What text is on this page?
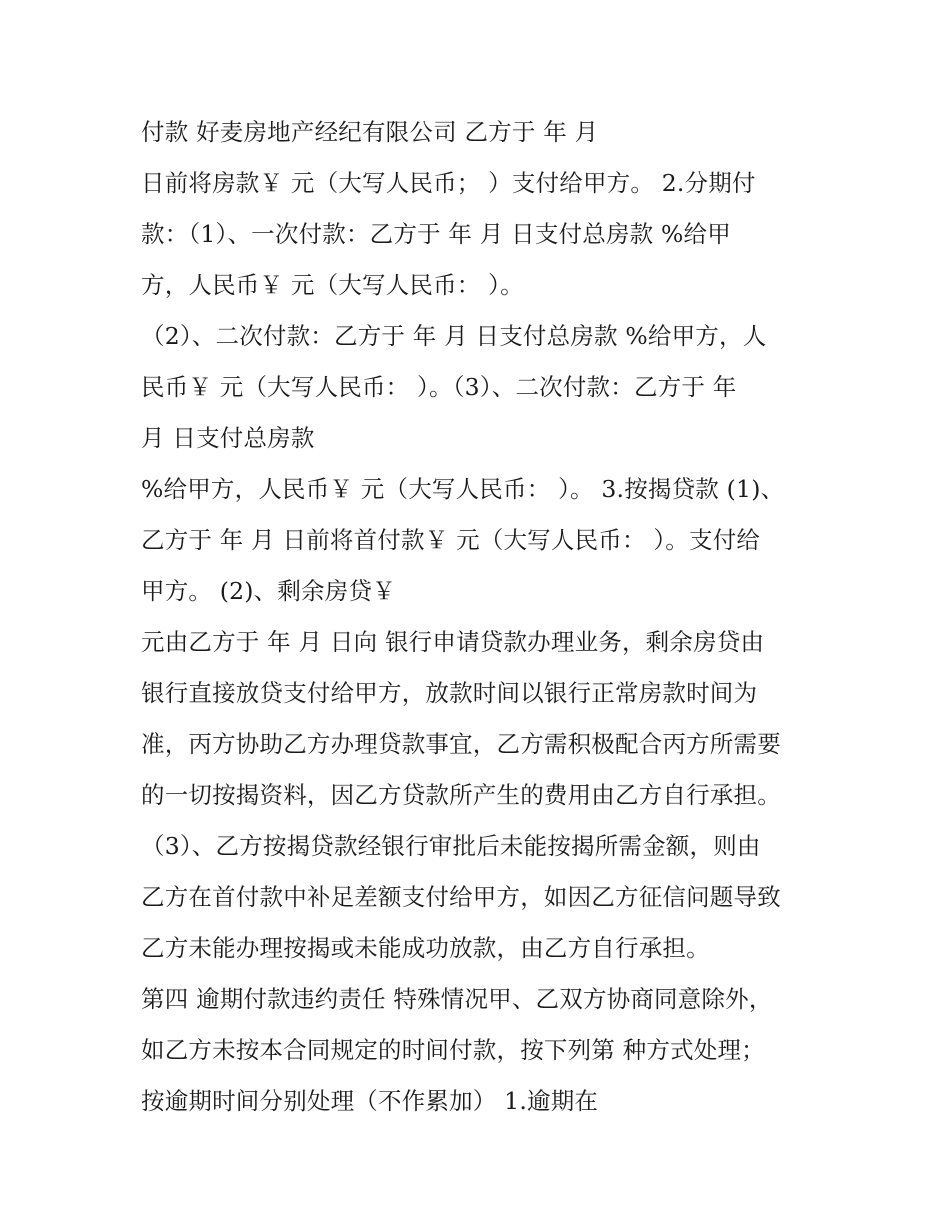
付款 好麦房地产经纪有限公司 乙方于 年 月
日前将房款￥ 元（大写人民币； ）支付给甲方。 2.分期付
款：（1）、一次付款：乙方于 年 月 日支付总房款 %给甲
方，人民币￥ 元（大写人民币： ）。
（2）、二次付款：乙方于 年 月 日支付总房款 %给甲方，人
民币￥ 元（大写人民币： ）。（3）、二次付款：乙方于 年
月 日支付总房款
%给甲方，人民币￥ 元（大写人民币： ）。 3.按揭贷款 (1)、
乙方于 年 月 日前将首付款￥ 元（大写人民币： ）。支付给
甲方。 (2)、剩余房贷￥
元由乙方于 年 月 日向 银行申请贷款办理业务，剩余房贷由
银行直接放贷支付给甲方，放款时间以银行正常房款时间为
准，丙方协助乙方办理贷款事宜，乙方需积极配合丙方所需要
的一切按揭资料，因乙方贷款所产生的费用由乙方自行承担。
（3）、乙方按揭贷款经银行审批后未能按揭所需金额，则由
乙方在首付款中补足差额支付给甲方，如因乙方征信问题导致
乙方未能办理按揭或未能成功放款，由乙方自行承担。
第四 逾期付款违约责任 特殊情况甲、乙双方协商同意除外，
如乙方未按本合同规定的时间付款，按下列第 种方式处理；
按逾期时间分别处理（不作累加） 1.逾期在
